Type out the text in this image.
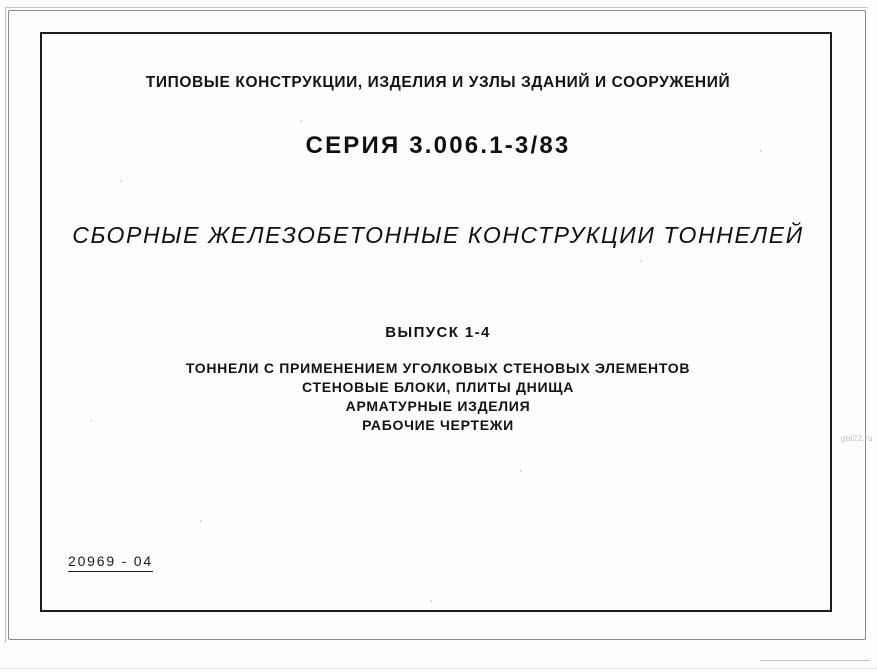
ТИПОВЫЕ КОНСТРУКЦИИ, ИЗДЕЛИЯ И УЗЛЫ ЗДАНИЙ И СООРУЖЕНИЙ
СЕРИЯ 3.006.1-3/83
СБОРНЫЕ ЖЕЛЕЗОБЕТОННЫЕ КОНСТРУКЦИИ ТОННЕЛЕЙ
ВЫПУСК 1-4
ТОННЕЛИ С ПРИМЕНЕНИЕМ УГОЛКОВЫХ СТЕНОВЫХ ЭЛЕМЕНТОВ
СТЕНОВЫЕ БЛОКИ, ПЛИТЫ ДНИЩА
АРМАТУРНЫЕ ИЗДЕЛИЯ
РАБОЧИЕ ЧЕРТЕЖИ
20969 - 04
gbi22.ru
